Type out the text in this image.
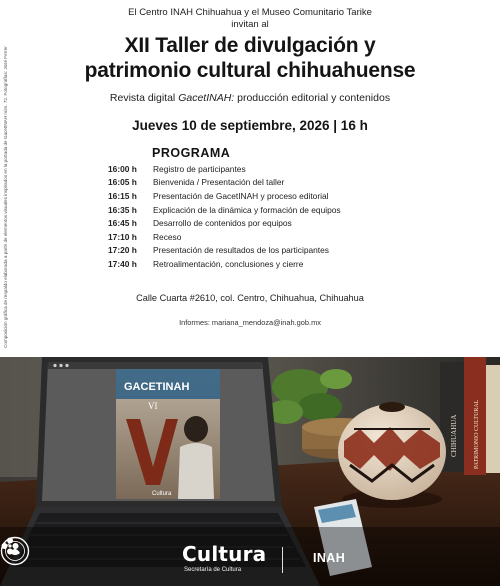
Composición gráfica de respaldo elaborada a partir de elementos visuales inspirados en la portada de GacetINAH núm. 72. Fotografías: José Ferrer
El Centro INAH Chihuahua y el Museo Comunitario Tarike
invitan al
XII Taller de divulgación y
patrimonio cultural chihuahuense
Revista digital GacetINAH: producción editorial y contenidos
Jueves 10 de septiembre, 2026 | 16 h
PROGRAMA
16:00 h	Registro de participantes
16:05 h	Bienvenida / Presentación del taller
16:15 h	Presentación de GacetINAH y proceso editorial
16:35 h	Explicación de la dinámica y formación de equipos
16:45 h	Desarrollo de contenidos por equipos
17:10 h	Receso
17:20 h	Presentación de resultados de los participantes
17:40 h	Retroalimentación, conclusiones y cierre
Calle Cuarta #2610, col. Centro, Chihuahua, Chihuahua
Informes: mariana_mendoza@inah.gob.mx
CHIHUAHUA	PATRIMONIO CULTURAL
GACETINAH
VI
Cultura
Cultura
Secretaría de Cultura
INAH
